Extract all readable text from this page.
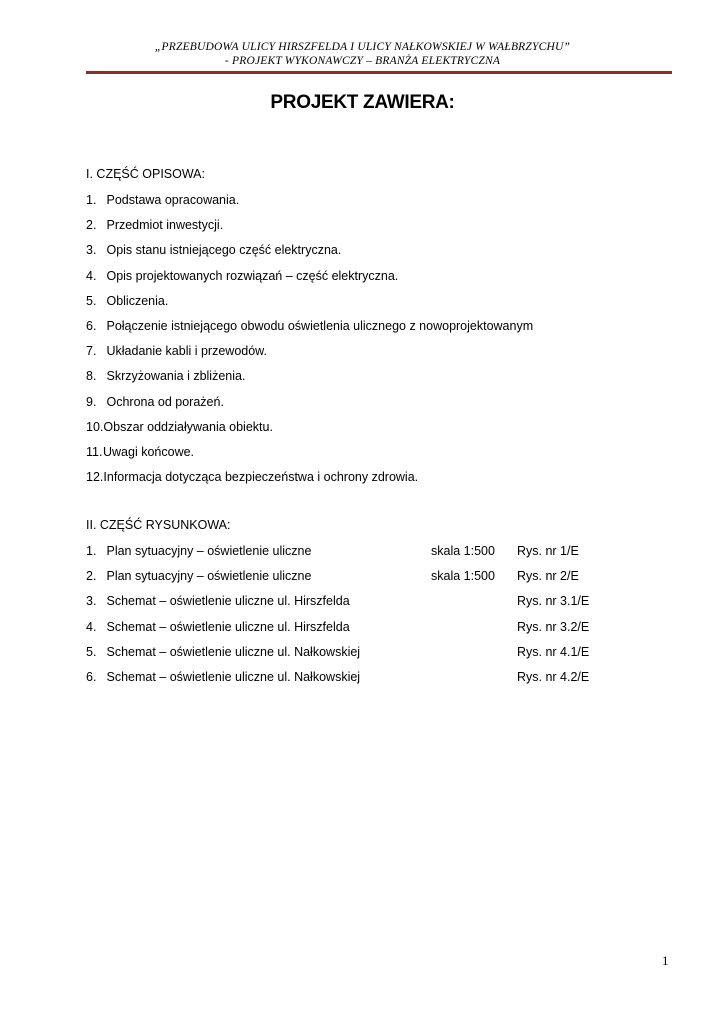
„PRZEBUDOWA ULICY HIRSZFELDA I ULICY NAŁKOWSKIEJ W WAŁBRZYCHU”
- PROJEKT WYKONAWCZY – BRANŻA ELEKTRYCZNA
PROJEKT ZAWIERA:
I. CZĘŚĆ OPISOWA:
1. Podstawa opracowania.
2. Przedmiot inwestycji.
3. Opis stanu istniejącego część elektryczna.
4. Opis projektowanych rozwiązań – część elektryczna.
5. Obliczenia.
6. Połączenie istniejącego obwodu oświetlenia ulicznego z nowoprojektowanym
7. Układanie kabli i przewodów.
8. Skrzyżowania i zbliżenia.
9. Ochrona od porażeń.
10.Obszar oddziaływania obiektu.
11.Uwagi końcowe.
12.Informacja dotycząca bezpieczeństwa i ochrony zdrowia.
II. CZĘŚĆ RYSUNKOWA:
1. Plan sytuacyjny – oświetlenie uliczne	skala 1:500 Rys. nr 1/E
2. Plan sytuacyjny – oświetlenie uliczne	skala 1:500 Rys. nr 2/E
3. Schemat – oświetlenie uliczne ul. Hirszfelda	Rys. nr 3.1/E
4. Schemat – oświetlenie uliczne ul. Hirszfelda	Rys. nr 3.2/E
5. Schemat – oświetlenie uliczne ul. Nałkowskiej	Rys. nr 4.1/E
6. Schemat – oświetlenie uliczne ul. Nałkowskiej	Rys. nr 4.2/E
1
